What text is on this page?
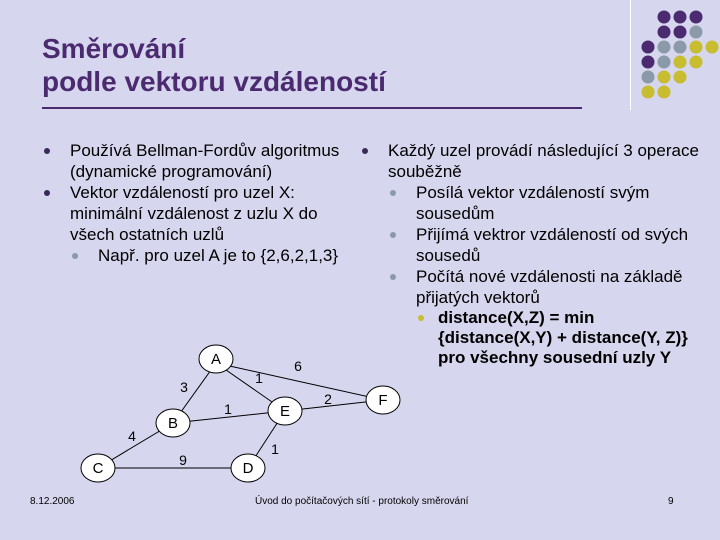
Směrování
podle vektoru vzdáleností
Používá Bellman-Fordův algoritmus (dynamické programování)
Vektor vzdáleností pro uzel X: minimální vzdálenost z uzlu X do všech ostatních uzlů
Např. pro uzel A je to {2,6,2,1,3}
Každý uzel provádí následující 3 operace souběžně
Posílá vektor vzdáleností svým sousedům
Přijímá vektror vzdáleností od svých sousedů
Počítá nové vzdálenosti na základě přijatých vektorů
distance(X,Z) = min {distance(X,Y) + distance(Y, Z)} pro všechny sousední uzly Y
A
B
C	D
E
F
3
1
6
1
2
4
9
1
8.12.2006	Úvod do počítačových sítí - protokoly směrování	9
